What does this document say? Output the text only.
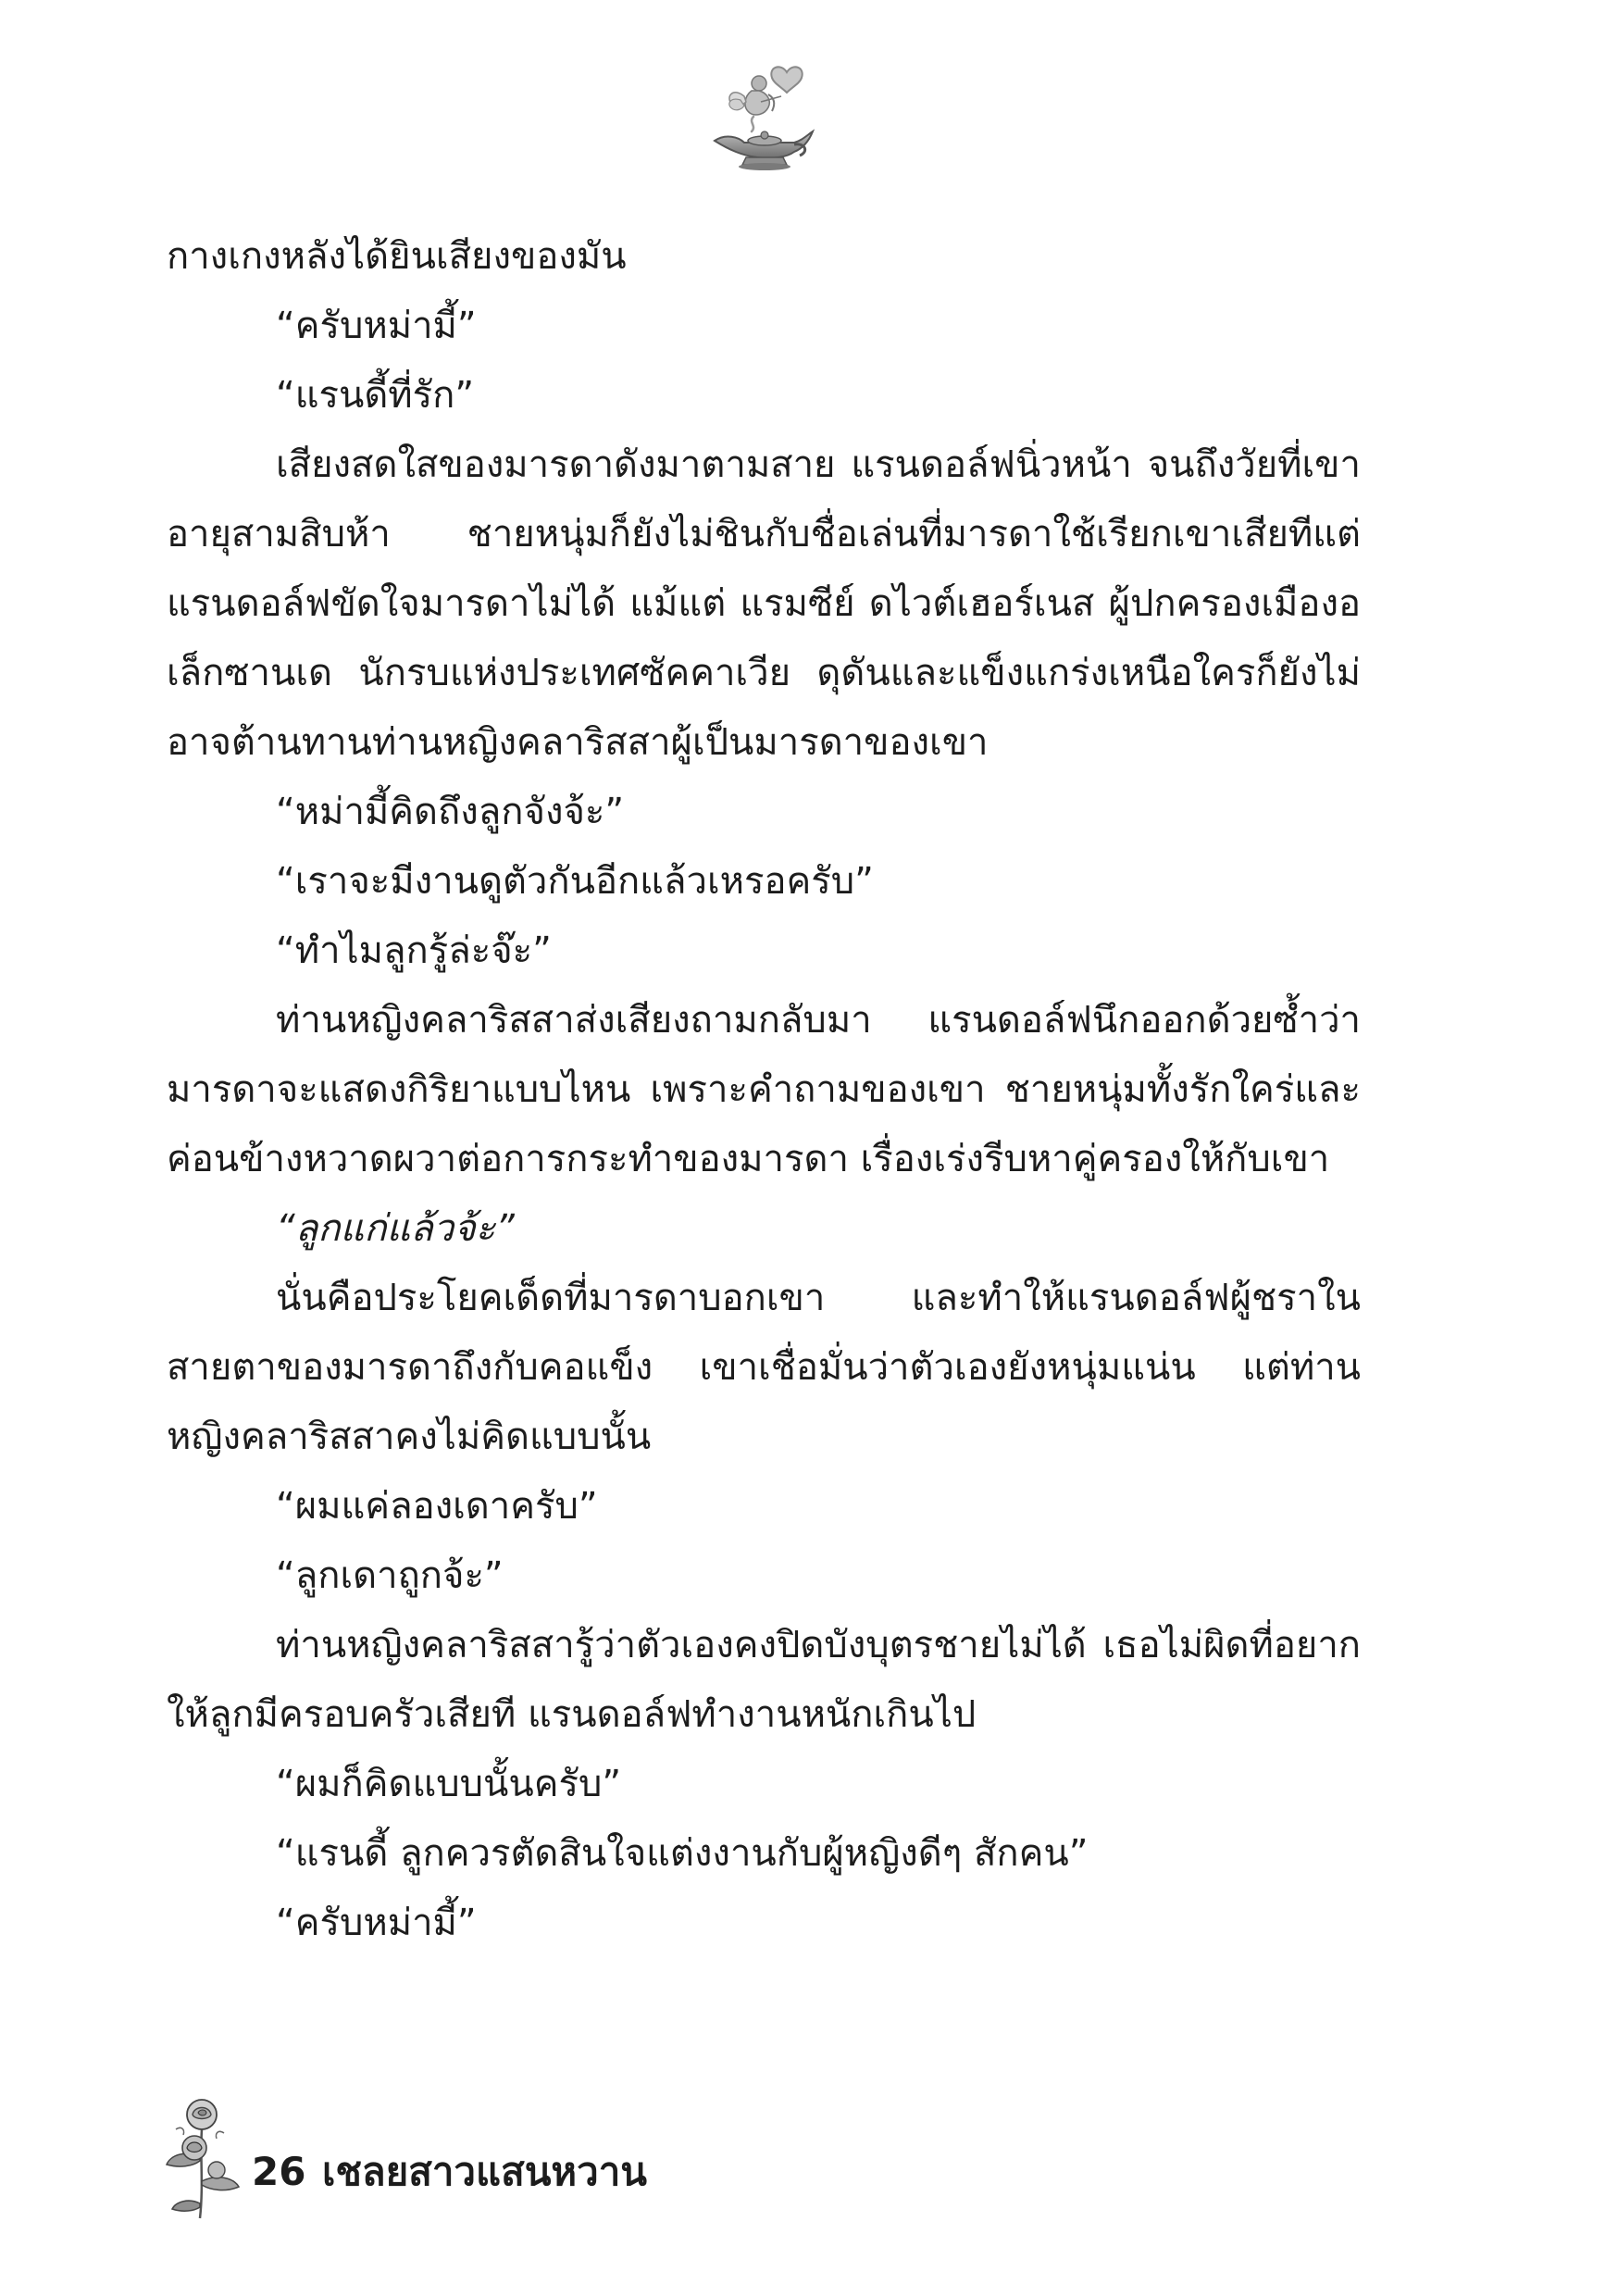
กางเกงหลังได้ยินเสียงของมัน

“ครับหม่ามี้”

“แรนดี้ที่รัก”

เสียงสดใสของมารดาดังมาตามสาย แรนดอล์ฟนิ่วหน้า จนถึงวัยที่เขาอายุสามสิบห้า ชายหนุ่มก็ยังไม่ชินกับชื่อเล่นที่มารดาใช้เรียกเขาเสียทีแต่แรนดอล์ฟขัดใจมารดาไม่ได้ แม้แต่ แรมซีย์ ดไวต์เฮอร์เนส ผู้ปกครองเมืองอเล็กซานเด นักรบแห่งประเทศซัคคาเวีย ดุดันและแข็งแกร่งเหนือใครก็ยังไม่อาจต้านทานท่านหญิงคลาริสสาผู้เป็นมารดาของเขา

“หม่ามี้คิดถึงลูกจังจ้ะ”

“เราจะมีงานดูตัวกันอีกแล้วเหรอครับ”

“ทำไมลูกรู้ล่ะจ๊ะ”

ท่านหญิงคลาริสสาส่งเสียงถามกลับมา แรนดอล์ฟนึกออกด้วยซ้ำว่ามารดาจะแสดงกิริยาแบบไหน เพราะคำถามของเขา ชายหนุ่มทั้งรักใคร่และค่อนข้างหวาดผวาต่อการกระทำของมารดา เรื่องเร่งรีบหาคู่ครองให้กับเขา

“ลูกแก่แล้วจ้ะ”

นั่นคือประโยคเด็ดที่มารดาบอกเขา และทำให้แรนดอล์ฟผู้ชราในสายตาของมารดาถึงกับคอแข็ง เขาเชื่อมั่นว่าตัวเองยังหนุ่มแน่น แต่ท่านหญิงคลาริสสาคงไม่คิดแบบนั้น

“ผมแค่ลองเดาครับ”

“ลูกเดาถูกจ้ะ”

ท่านหญิงคลาริสสารู้ว่าตัวเองคงปิดบังบุตรชายไม่ได้ เธอไม่ผิดที่อยากให้ลูกมีครอบครัวเสียที แรนดอล์ฟทำงานหนักเกินไป

“ผมก็คิดแบบนั้นครับ”

“แรนดี้ ลูกควรตัดสินใจแต่งงานกับผู้หญิงดีๆ สักคน”

“ครับหม่ามี้”

26 เชลยสาวแสนหวาน
